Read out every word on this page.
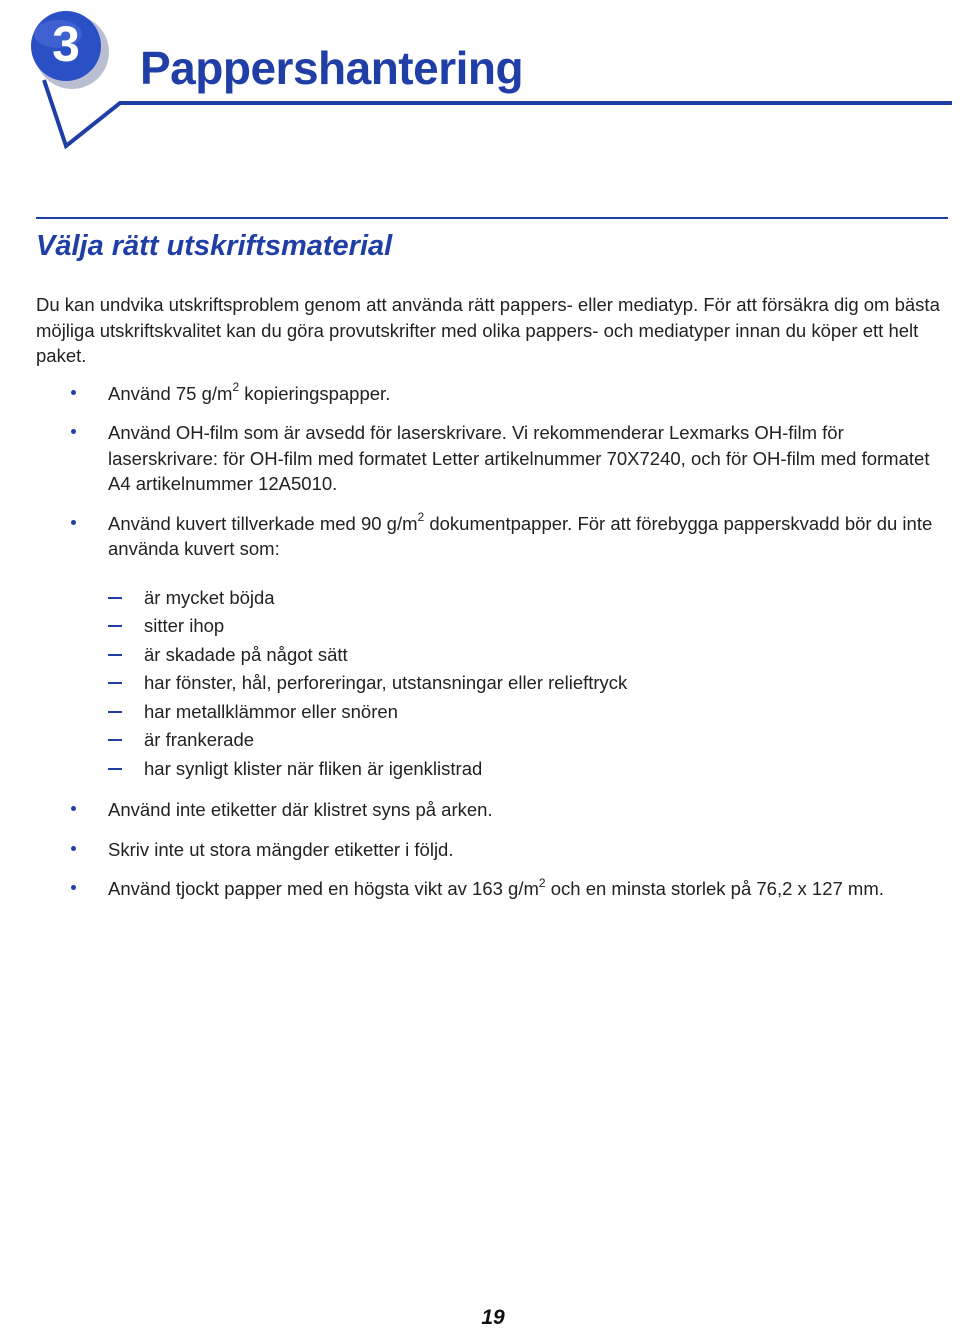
3	Pappershantering
Välja rätt utskriftsmaterial

Du kan undvika utskriftsproblem genom att använda rätt pappers- eller mediatyp. För att försäkra dig om bästa möjliga utskriftskvalitet kan du göra provutskrifter med olika pappers- och mediatyper innan du köper ett helt paket.

Använd 75 $g/m^2$ kopieringspapper.
Använd OH-film som är avsedd för laserskrivare. Vi rekommenderar Lexmarks OH-film för laserskrivare: för OH-film med formatet Letter artikelnummer 70X7240, och för OH-film med formatet A4 artikelnummer 12A5010.
Använd kuvert tillverkade med 90 $g/m^2$ dokumentpapper. För att förebygga papperskvadd bör du inte använda kuvert som:
är mycket böjda
sitter ihop
är skadade på något sätt
har fönster, hål, perforeringar, utstansningar eller relieftryck
har metallklämmor eller snören
är frankerade
har synligt klister när fliken är igenklistrad
Använd inte etiketter där klistret syns på arken.
Skriv inte ut stora mängder etiketter i följd.
Använd tjockt papper med en högsta vikt av 163 $g/m^2$ och en minsta storlek på 76,2 x 127 mm.
19
